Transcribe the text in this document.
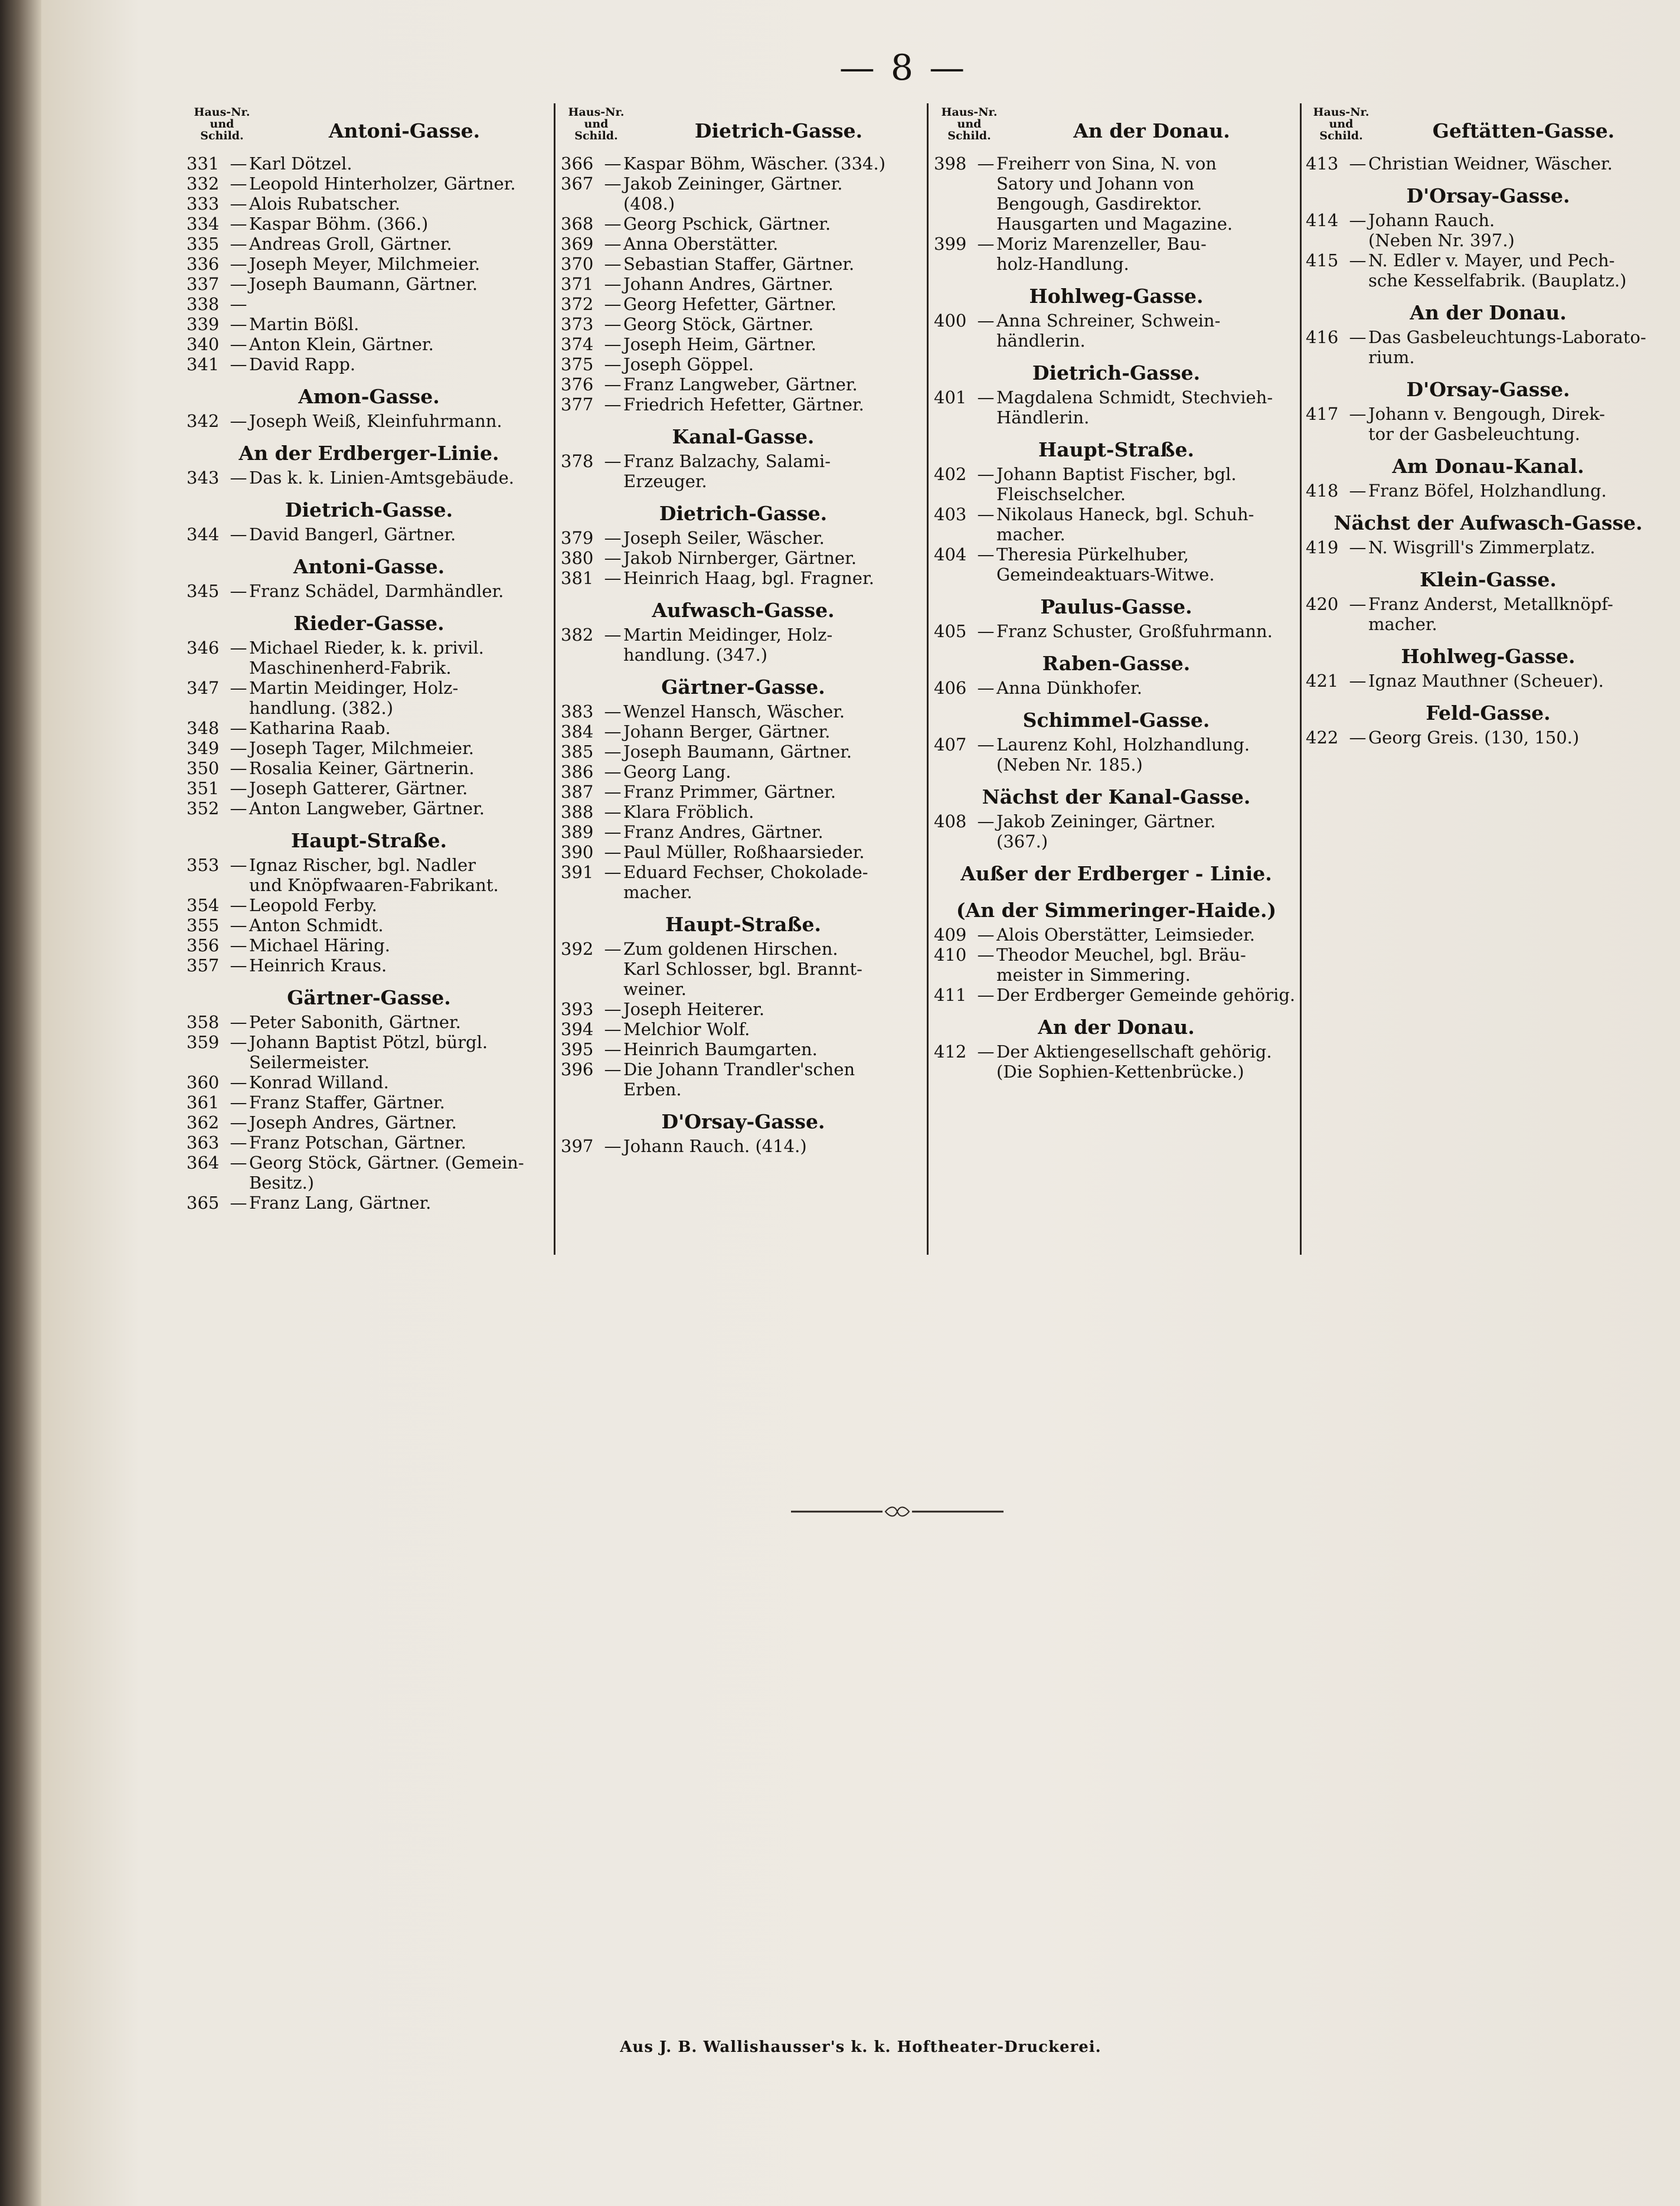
— 8 —
Haus-Nr. und Schild.	Antoni-Gasse.
331 — Karl Dötzel.
332 — Leopold Hinterholzer, Gärtner.
333 — Alois Rubatscher.
334 — Kaspar Böhm. (366.)
335 — Andreas Groll, Gärtner.
336 — Joseph Meyer, Milchmeier.
337 — Joseph Baumann, Gärtner.
338 —
339 — Martin Bößl.
340 — Anton Klein, Gärtner.
341 — David Rapp.
Amon-Gasse.
342 — Joseph Weiß, Kleinfuhrmann.
An der Erdberger-Linie.
343 — Das k. k. Linien-Amtsgebäude.
Dietrich-Gasse.
344 — David Bangerl, Gärtner.
Antoni-Gasse.
345 — Franz Schädel, Darmhändler.
Rieder-Gasse.
346 — Michael Rieder, k. k. privil.
Maschinenherd-Fabrik.
347 — Martin Meidinger, Holz-
handlung. (382.)
348 — Katharina Raab.
349 — Joseph Tager, Milchmeier.
350 — Rosalia Keiner, Gärtnerin.
351 — Joseph Gatterer, Gärtner.
352 — Anton Langweber, Gärtner.
Haupt-Straße.
353 — Ignaz Rischer, bgl. Nadler
und Knöpfwaaren-Fabrikant.
354 — Leopold Ferby.
355 — Anton Schmidt.
356 — Michael Häring.
357 — Heinrich Kraus.
Gärtner-Gasse.
358 — Peter Sabonith, Gärtner.
359 — Johann Baptist Pötzl, bürgl.
Seilermeister.
360 — Konrad Willand.
361 — Franz Staffer, Gärtner.
362 — Joseph Andres, Gärtner.
363 — Franz Potschan, Gärtner.
364 — Georg Stöck, Gärtner. (Gemein-
Besitz.)
365 — Franz Lang, Gärtner.
Haus-Nr. und Schild.	Dietrich-Gasse.
366 — Kaspar Böhm, Wäscher. (334.)
367 — Jakob Zeininger, Gärtner.
(408.)
368 — Georg Pschick, Gärtner.
369 — Anna Oberstätter.
370 — Sebastian Staffer, Gärtner.
371 — Johann Andres, Gärtner.
372 — Georg Hefetter, Gärtner.
373 — Georg Stöck, Gärtner.
374 — Joseph Heim, Gärtner.
375 — Joseph Göppel.
376 — Franz Langweber, Gärtner.
377 — Friedrich Hefetter, Gärtner.
Kanal-Gasse.
378 — Franz Balzachy, Salami-
Erzeuger.
Dietrich-Gasse.
379 — Joseph Seiler, Wäscher.
380 — Jakob Nirnberger, Gärtner.
381 — Heinrich Haag, bgl. Fragner.
Aufwasch-Gasse.
382 — Martin Meidinger, Holz-
handlung. (347.)
Gärtner-Gasse.
383 — Wenzel Hansch, Wäscher.
384 — Johann Berger, Gärtner.
385 — Joseph Baumann, Gärtner.
386 — Georg Lang.
387 — Franz Primmer, Gärtner.
388 — Klara Fröblich.
389 — Franz Andres, Gärtner.
390 — Paul Müller, Roßhaarsieder.
391 — Eduard Fechser, Chokolade-
macher.
Haupt-Straße.
392 — Zum goldenen Hirschen.
Karl Schlosser, bgl. Brannt-
weiner.
393 — Joseph Heiterer.
394 — Melchior Wolf.
395 — Heinrich Baumgarten.
396 — Die Johann Trandler'schen
Erben.
D'Orsay-Gasse.
397 — Johann Rauch. (414.)
Haus-Nr. und Schild.	An der Donau.
398 — Freiherr von Sina, N. von
Satory und Johann von
Bengough, Gasdirektor.
Hausgarten und Magazine.
399 — Moriz Marenzeller, Bau-
holz-Handlung.
Hohlweg-Gasse.
400 — Anna Schreiner, Schwein-
händlerin.
Dietrich-Gasse.
401 — Magdalena Schmidt, Stechvieh-
Händlerin.
Haupt-Straße.
402 — Johann Baptist Fischer, bgl.
Fleischselcher.
403 — Nikolaus Haneck, bgl. Schuh-
macher.
404 — Theresia Pürkelhuber,
Gemeindeaktuars-Witwe.
Paulus-Gasse.
405 — Franz Schuster, Großfuhrmann.
Raben-Gasse.
406 — Anna Dünkhofer.
Schimmel-Gasse.
407 — Laurenz Kohl, Holzhandlung.
(Neben Nr. 185.)
Nächst der Kanal-Gasse.
408 — Jakob Zeininger, Gärtner.
(367.)
Außer der Erdberger - Linie.
(An der Simmeringer-Haide.)
409 — Alois Oberstätter, Leimsieder.
410 — Theodor Meuchel, bgl. Bräu-
meister in Simmering.
411 — Der Erdberger Gemeinde gehörig.
An der Donau.
412 — Der Aktiengesellschaft gehörig.
(Die Sophien-Kettenbrücke.)
Haus-Nr. und Schild.	Geftätten-Gasse.
413 — Christian Weidner, Wäscher.
D'Orsay-Gasse.
414 — Johann Rauch.
(Neben Nr. 397.)
415 — N. Edler v. Mayer, und Pech-
sche Kesselfabrik. (Bauplatz.)
An der Donau.
416 — Das Gasbeleuchtungs-Laborato-
rium.
D'Orsay-Gasse.
417 — Johann v. Bengough, Direk-
tor der Gasbeleuchtung.
Am Donau-Kanal.
418 — Franz Böfel, Holzhandlung.
Nächst der Aufwasch-Gasse.
419 — N. Wisgrill's Zimmerplatz.
Klein-Gasse.
420 — Franz Anderst, Metallknöpf-
macher.
Hohlweg-Gasse.
421 — Ignaz Mauthner (Scheuer).
Feld-Gasse.
422 — Georg Greis. (130, 150.)
Aus J. B. Wallishausser's k. k. Hoftheater-Druckerei.
